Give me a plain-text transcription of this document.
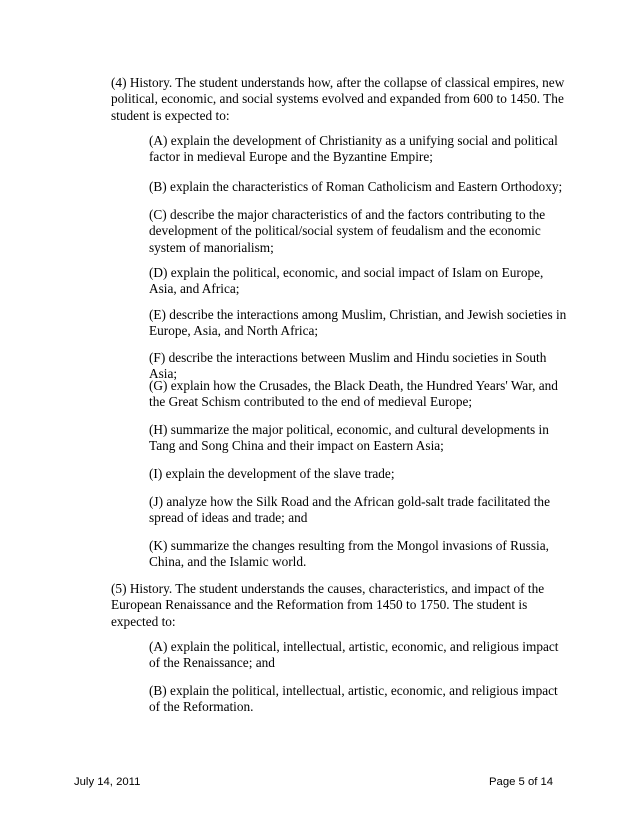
(4) History. The student understands how, after the collapse of classical empires, new political, economic, and social systems evolved and expanded from 600 to 1450. The student is expected to:

(A) explain the development of Christianity as a unifying social and political factor in medieval Europe and the Byzantine Empire;

(B) explain the characteristics of Roman Catholicism and Eastern Orthodoxy;

(C) describe the major characteristics of and the factors contributing to the development of the political/social system of feudalism and the economic system of manorialism;

(D) explain the political, economic, and social impact of Islam on Europe, Asia, and Africa;

(E) describe the interactions among Muslim, Christian, and Jewish societies in Europe, Asia, and North Africa;

(F) describe the interactions between Muslim and Hindu societies in South Asia;

(G) explain how the Crusades, the Black Death, the Hundred Years' War, and the Great Schism contributed to the end of medieval Europe;

(H) summarize the major political, economic, and cultural developments in Tang and Song China and their impact on Eastern Asia;

(I) explain the development of the slave trade;

(J) analyze how the Silk Road and the African gold-salt trade facilitated the spread of ideas and trade; and

(K) summarize the changes resulting from the Mongol invasions of Russia, China, and the Islamic world.

(5) History. The student understands the causes, characteristics, and impact of the European Renaissance and the Reformation from 1450 to 1750. The student is expected to:

(A) explain the political, intellectual, artistic, economic, and religious impact of the Renaissance; and

(B) explain the political, intellectual, artistic, economic, and religious impact of the Reformation.

July 14, 2011	Page 5 of 14
